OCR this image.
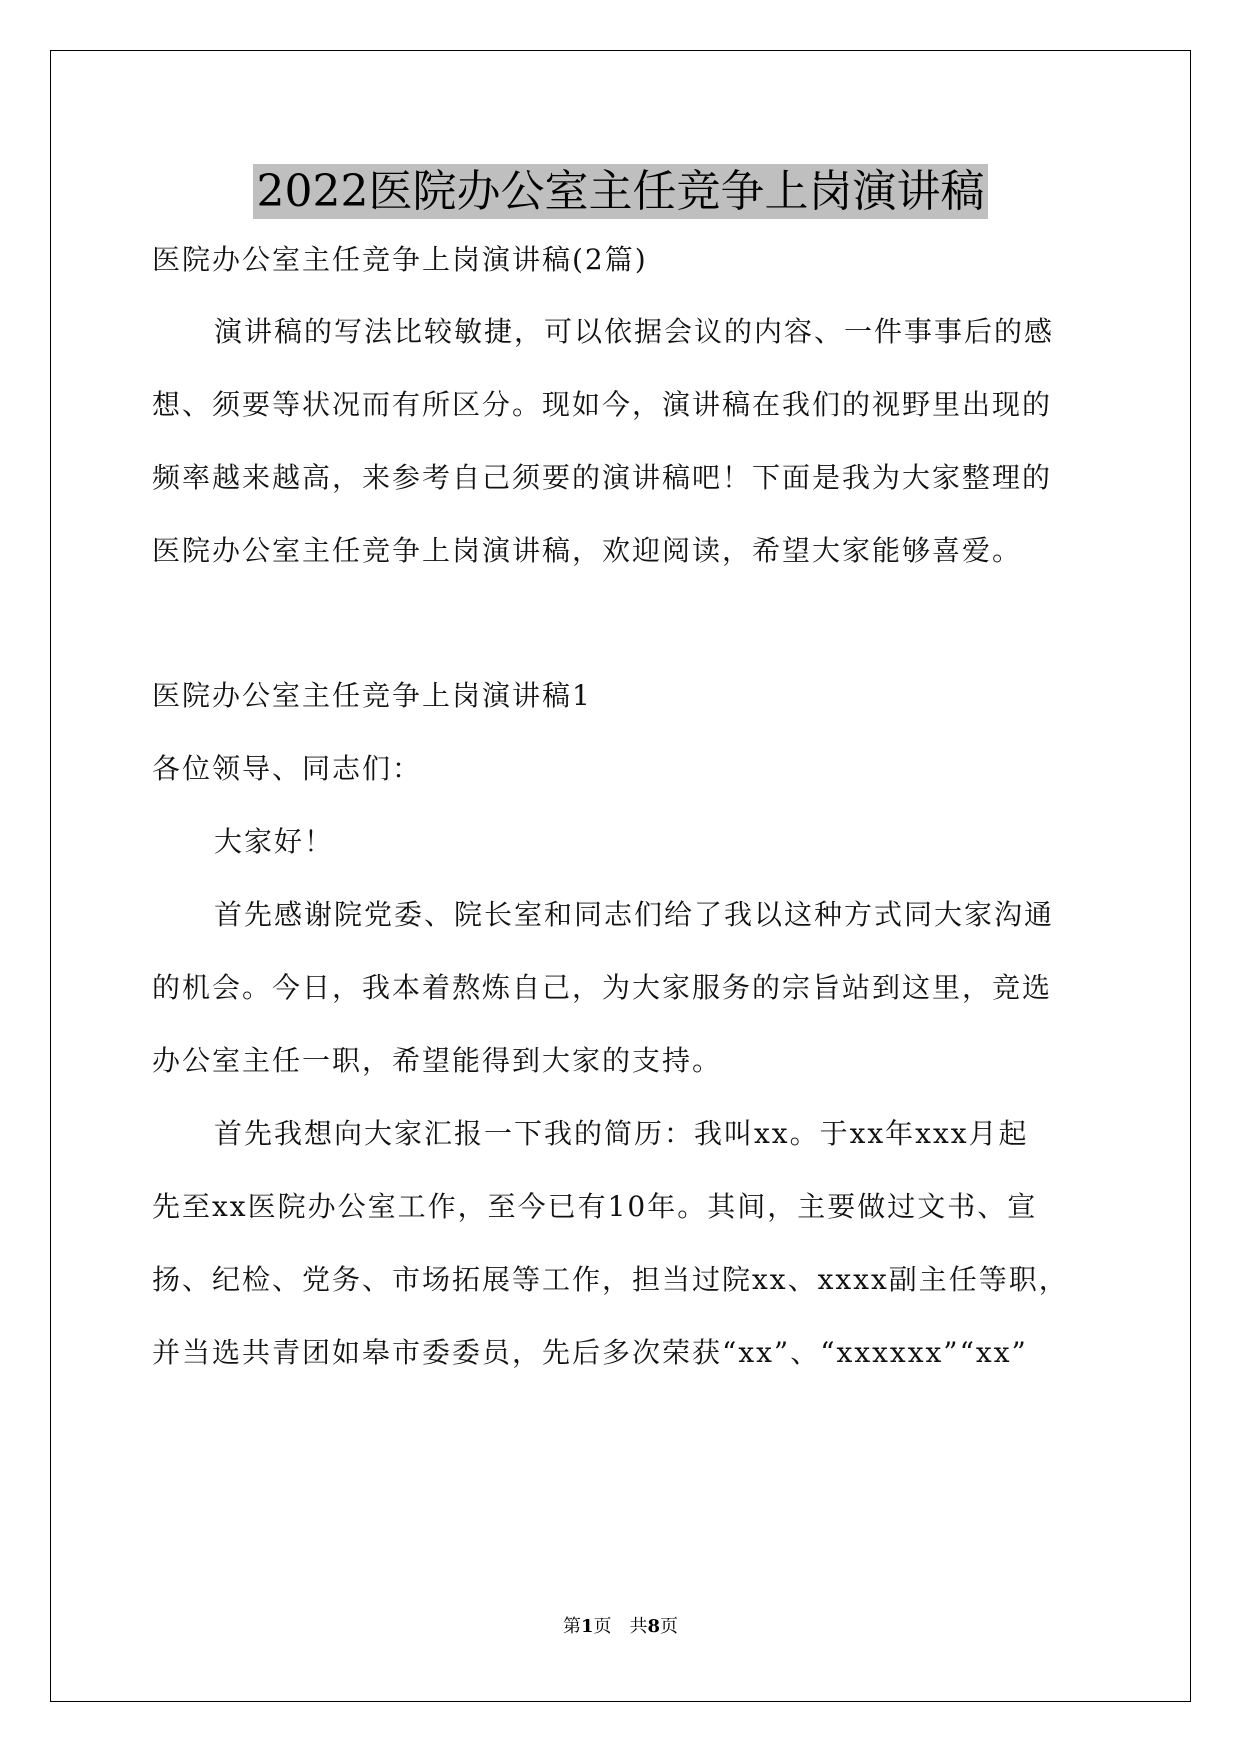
2022医院办公室主任竞争上岗演讲稿
医院办公室主任竞争上岗演讲稿(2篇)
演讲稿的写法比较敏捷，可以依据会议的内容、一件事事后的感
想、须要等状况而有所区分。现如今，演讲稿在我们的视野里出现的
频率越来越高，来参考自己须要的演讲稿吧！下面是我为大家整理的
医院办公室主任竞争上岗演讲稿，欢迎阅读，希望大家能够喜爱。
医院办公室主任竞争上岗演讲稿1
各位领导、同志们：
大家好！
首先感谢院党委、院长室和同志们给了我以这种方式同大家沟通
的机会。今日，我本着熬炼自己，为大家服务的宗旨站到这里，竞选
办公室主任一职，希望能得到大家的支持。
首先我想向大家汇报一下我的简历：我叫xx。于xx年xxx月起
先至xx医院办公室工作，至今已有10年。其间，主要做过文书、宣
扬、纪检、党务、市场拓展等工作，担当过院xx、xxxx副主任等职，
并当选共青团如皋市委委员，先后多次荣获“xx”、“xxxxxx”“xx”
第1页　共8页
